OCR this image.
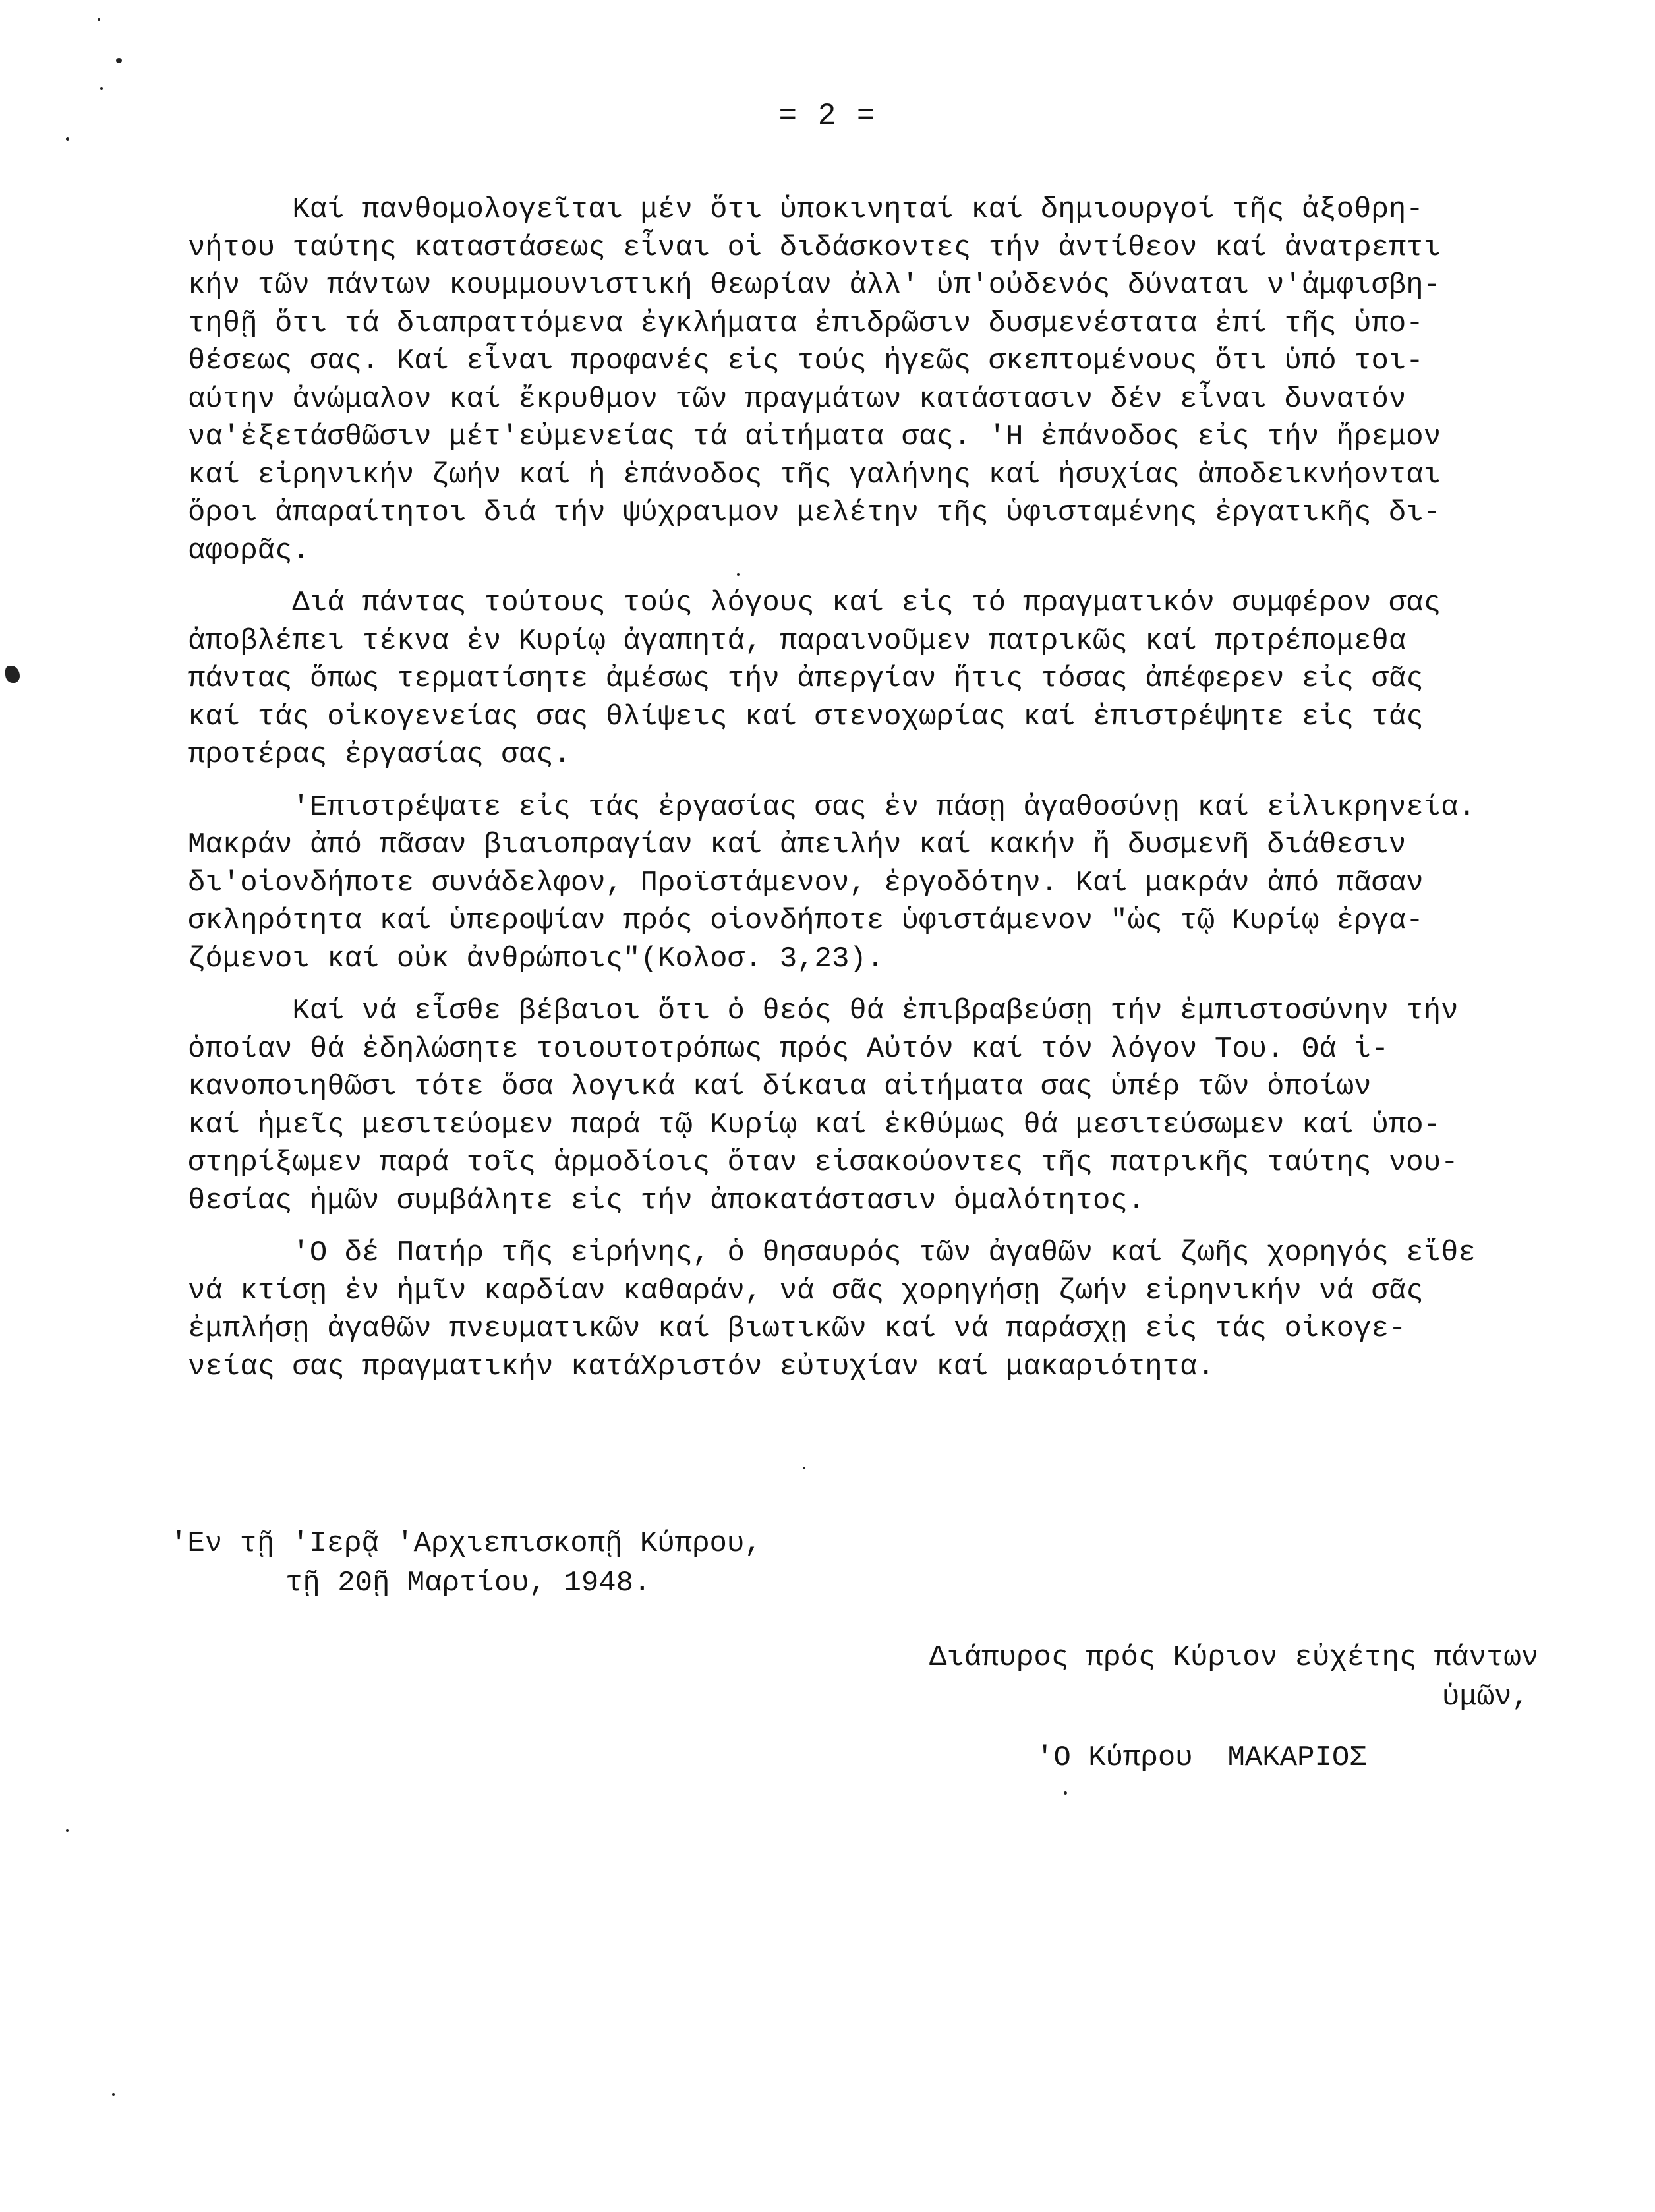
= 2 =
Καί πανθομολογεῖται μέν ὅτι ὑποκινηταί καί δημιουργοί τῆς ἀξοθρη-
νήτου ταύτης καταστάσεως εἶναι οἱ διδάσκοντες τήν ἀντίθεον καί ἀνατρεπτι
κήν τῶν πάντων κουμμουνιστική θεωρίαν ἀλλ' ὑπ'οὐδενός δύναται ν'ἀμφισβη-
τηθῇ ὅτι τά διαπραττόμενα ἐγκλήματα ἐπιδρῶσιν δυσμενέστατα ἐπί τῆς ὑπο-
θέσεως σας. Καί εἶναι προφανές εἰς τούς ἠγεῶς σκεπτομένους ὅτι ὑπό τοι-
αύτην ἀνώμαλον καί ἔκρυθμον τῶν πραγμάτων κατάστασιν δέν εἶναι δυνατόν
να'ἐξετάσθῶσιν μέτ'εὐμενείας τά αἰτήματα σας. 'Η ἐπάνοδος εἰς τήν ἤρεμον
καί εἰρηνικήν ζωήν καί ἡ ἐπάνοδος τῆς γαλήνης καί ἡσυχίας ἀποδεικνήονται
ὅροι ἀπαραίτητοι διά τήν ψύχραιμον μελέτην τῆς ὑφισταμένης ἐργατικῆς δι-
αφορᾶς.
Διά πάντας τούτους τούς λόγους καί εἰς τό πραγματικόν συμφέρον σας
ἀποβλέπει τέκνα ἐν Κυρίῳ ἀγαπητά, παραινοῦμεν πατρικῶς καί πρτρέπομεθα
πάντας ὅπως τερματίσητε ἀμέσως τήν ἀπεργίαν ἥτις τόσας ἀπέφερεν εἰς σᾶς
καί τάς οἰκογενείας σας θλίψεις καί στενοχωρίας καί ἐπιστρέψητε εἰς τάς
προτέρας ἐργασίας σας.
'Επιστρέψατε εἰς τάς ἐργασίας σας ἐν πάσῃ ἀγαθοσύνῃ καί εἰλικρηνεία.
Μακράν ἀπό πᾶσαν βιαιοπραγίαν καί ἀπειλήν καί κακήν ἤ δυσμενῆ διάθεσιν
δι'οἱονδήποτε συνάδελφον, Προϊστάμενον, ἐργοδότην. Καί μακράν ἀπό πᾶσαν
σκληρότητα καί ὑπεροψίαν πρός οἱονδήποτε ὑφιστάμενον "ὡς τῷ Κυρίῳ ἐργα-
ζόμενοι καί οὐκ ἀνθρώποις"(Κολοσ. 3,23).
Καί νά εἶσθε βέβαιοι ὅτι ὁ θεός θά ἐπιβραβεύσῃ τήν ἐμπιστοσύνην τήν
ὁποίαν θά ἐδηλώσητε τοιουτοτρόπως πρός Αὐτόν καί τόν λόγον Του. Θά ἱ-
κανοποιηθῶσι τότε ὅσα λογικά καί δίκαια αἰτήματα σας ὑπέρ τῶν ὁποίων
καί ἡμεῖς μεσιτεύομεν παρά τῷ Κυρίῳ καί ἐκθύμως θά μεσιτεύσωμεν καί ὑπο-
στηρίξωμεν παρά τοῖς ἁρμοδίοις ὅταν εἰσακούοντες τῆς πατρικῆς ταύτης νου-
θεσίας ἡμῶν συμβάλητε εἰς τήν ἀποκατάστασιν ὁμαλότητος.
'Ο δέ Πατήρ τῆς εἰρήνης, ὁ θησαυρός τῶν ἀγαθῶν καί ζωῆς χορηγός εἴθε
νά κτίσῃ ἐν ἡμῖν καρδίαν καθαράν, νά σᾶς χορηγήσῃ ζωήν εἰρηνικήν νά σᾶς
ἐμπλήσῃ ἀγαθῶν πνευματικῶν καί βιωτικῶν καί νά παράσχῃ εἰς τάς οἰκογε-
νείας σας πραγματικήν κατάΧριστόν εὐτυχίαν καί μακαριότητα.
'Εν τῇ 'Ιερᾷ 'Αρχιεπισκοπῇ Κύπρου,
τῇ 20ῇ Μαρτίου, 1948.
Διάπυρος πρός Κύριον εὐχέτης πάντων
ὑμῶν,
'Ο Κύπρου  ΜΑΚΑΡΙΟΣ
